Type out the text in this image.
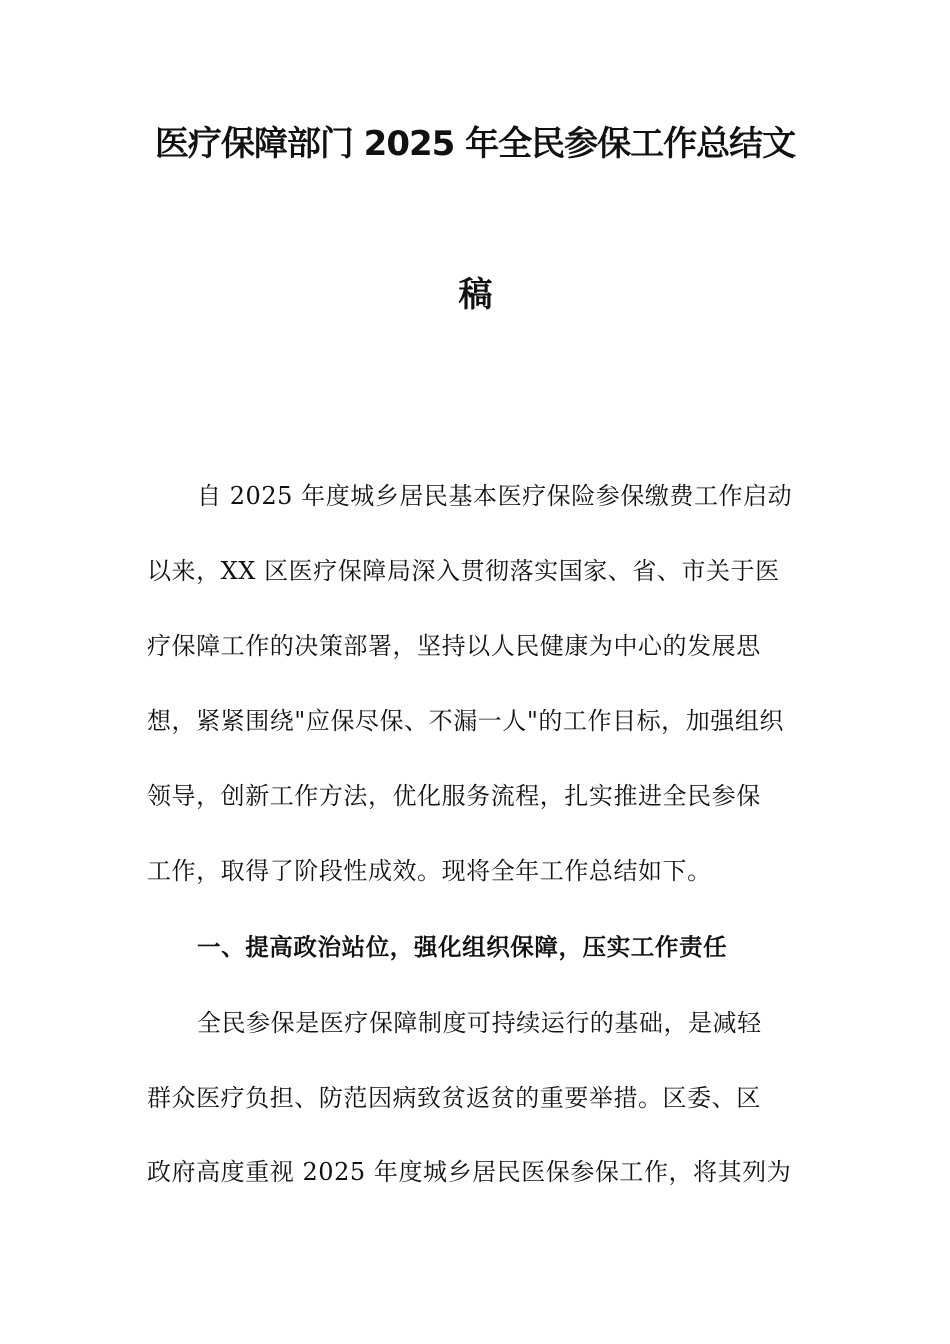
医疗保障部门 2025 年全民参保工作总结文
稿

自 2025 年度城乡居民基本医疗保险参保缴费工作启动

以来，XX 区医疗保障局深入贯彻落实国家、省、市关于医

疗保障工作的决策部署，坚持以人民健康为中心的发展思

想，紧紧围绕"应保尽保、不漏一人"的工作目标，加强组织

领导，创新工作方法，优化服务流程，扎实推进全民参保

工作，取得了阶段性成效。现将全年工作总结如下。

一、提高政治站位，强化组织保障，压实工作责任

全民参保是医疗保障制度可持续运行的基础，是减轻

群众医疗负担、防范因病致贫返贫的重要举措。区委、区

政府高度重视 2025 年度城乡居民医保参保工作，将其列为
